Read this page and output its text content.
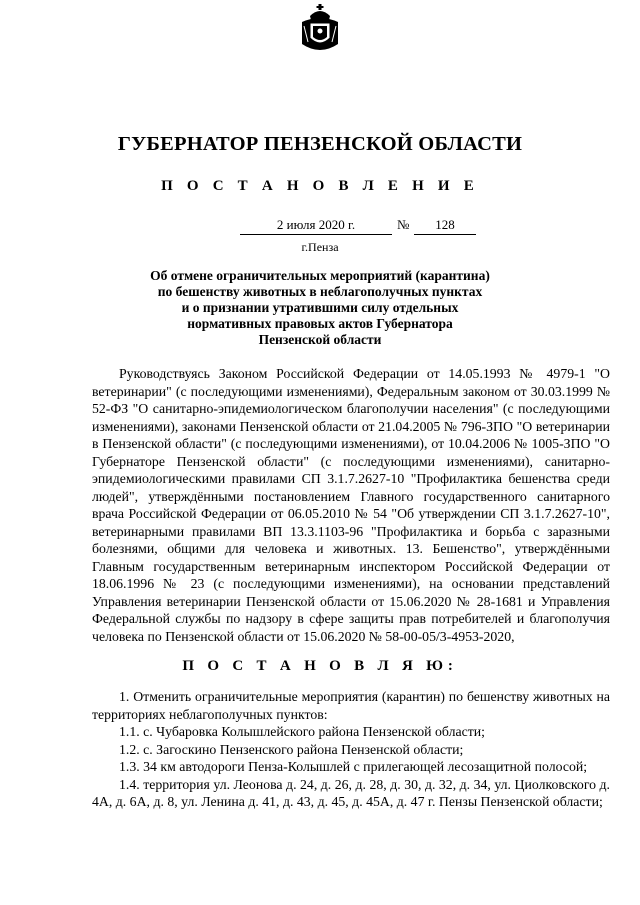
ГУБЕРНАТОР ПЕНЗЕНСКОЙ ОБЛАСТИ
П О С Т А Н О В Л Е Н И Е
2 июля 2020 г.	№	128
г.Пенза
Об отмене ограничительных мероприятий (карантина)
по бешенству животных в неблагополучных пунктах
и о признании утратившими силу отдельных
нормативных правовых актов Губернатора
Пензенской области

Руководствуясь Законом Российской Федерации от 14.05.1993 № 4979-1 "О ветеринарии" (с последующими изменениями), Федеральным законом от 30.03.1999 № 52-ФЗ "О санитарно-эпидемиологическом благополучии населения" (с последующими изменениями), законами Пензенской области от 21.04.2005 № 796-ЗПО "О ветеринарии в Пензенской области" (с последующими изменениями), от 10.04.2006 № 1005-ЗПО "О Губернаторе Пензенской области" (с последующими изменениями), санитарно-эпидемиологическими правилами СП 3.1.7.2627-10 "Профилактика бешенства среди людей", утверждёнными постановлением Главного государственного санитарного врача Российской Федерации от 06.05.2010 № 54 "Об утверждении СП 3.1.7.2627-10", ветеринарными правилами ВП 13.3.1103-96 "Профилактика и борьба с заразными болезнями, общими для человека и животных. 13. Бешенство", утверждёнными Главным государственным ветеринарным инспектором Российской Федерации от 18.06.1996 № 23 (с последующими изменениями), на основании представлений Управления ветеринарии Пензенской области от 15.06.2020 № 28-1681 и Управления Федеральной службы по надзору в сфере защиты прав потребителей и благополучия человека по Пензенской области от 15.06.2020 № 58-00-05/3-4953-2020,

П О С Т А Н О В Л Я Ю:

1. Отменить ограничительные мероприятия (карантин) по бешенству животных на территориях неблагополучных пунктов:

1.1. с. Чубаровка Колышлейского района Пензенской области;

1.2. с. Загоскино Пензенского района Пензенской области;

1.3. 34 км автодороги Пенза-Колышлей с прилегающей лесозащитной полосой;

1.4. территория ул. Леонова д. 24, д. 26, д. 28, д. 30, д. 32, д. 34, ул. Циолковского д. 4А, д. 6А, д. 8, ул. Ленина д. 41, д. 43, д. 45, д. 45А, д. 47 г. Пензы Пензенской области;
